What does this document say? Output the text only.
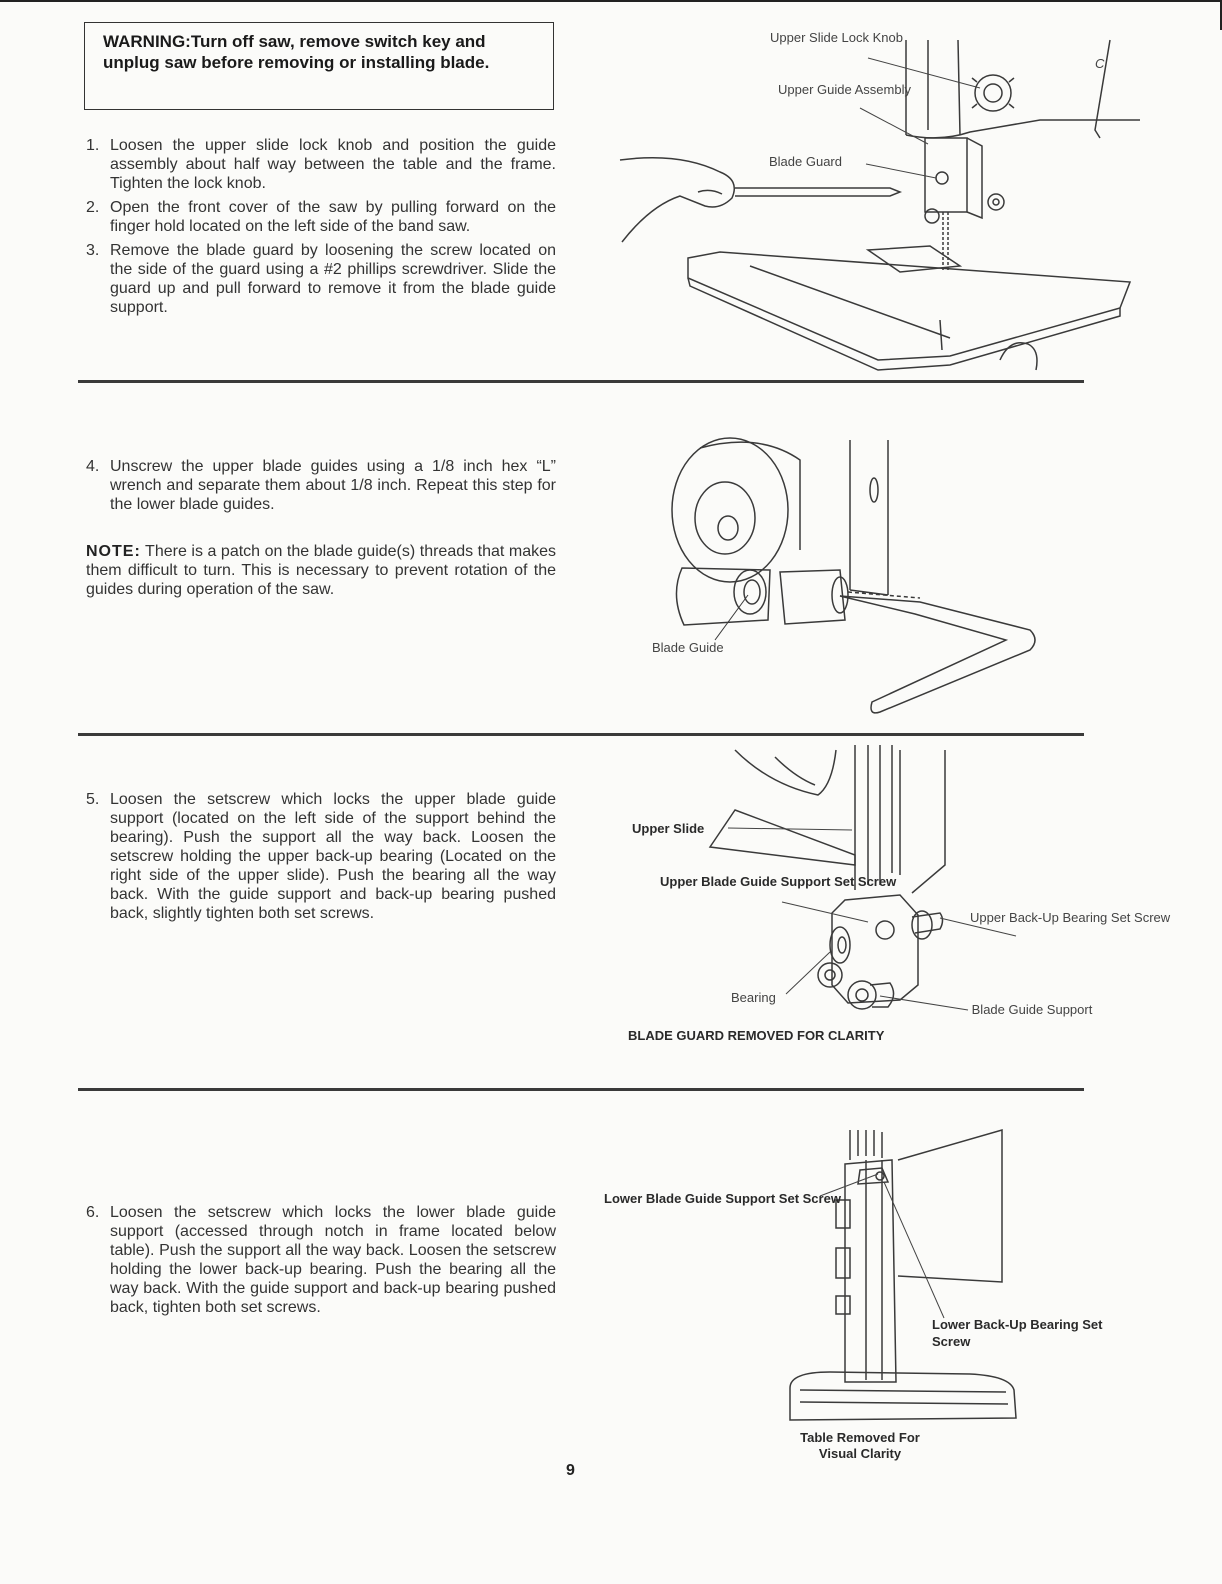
WARNING:Turn off saw, remove switch key and unplug saw before removing or installing blade.
1. Loosen the upper slide lock knob and position the guide assembly about half way between the table and the frame. Tighten the lock knob.
2. Open the front cover of the saw by pulling forward on the finger hold located on the left side of the band saw.
3. Remove the blade guard by loosening the screw located on the side of the guard using a #2 phillips screwdriver. Slide the guard up and pull forward to remove it from the blade guide support.
4. Unscrew the upper blade guides using a 1/8 inch hex “L” wrench and separate them about 1/8 inch. Repeat this step for the lower blade guides.
NOTE: There is a patch on the blade guide(s) threads that makes them difficult to turn. This is necessary to prevent rotation of the guides during operation of the saw.
5. Loosen the setscrew which locks the upper blade guide support (located on the left side of the support behind the bearing). Push the support all the way back. Loosen the setscrew holding the upper back-up bearing (Located on the right side of the upper slide). Push the bearing all the way back. With the guide support and back-up bearing pushed back, slightly tighten both set screws.
6. Loosen the setscrew which locks the lower blade guide support (accessed through notch in frame located below table). Push the support all the way back. Loosen the setscrew holding the lower back-up bearing. Push the bearing all the way back. With the guide support and back-up bearing pushed back, tighten both set screws.
Upper Slide Lock Knob
Upper Guide Assembly
Blade Guard
C
Blade Guide
Upper Slide
Upper Blade Guide Support Set Screw
Upper Back-Up Bearing Set Screw
Bearing
Blade Guide Support
BLADE GUARD REMOVED FOR CLARITY
Lower Blade Guide Support Set Screw
Lower Back-Up Bearing Set Screw
Table Removed For Visual Clarity
9
